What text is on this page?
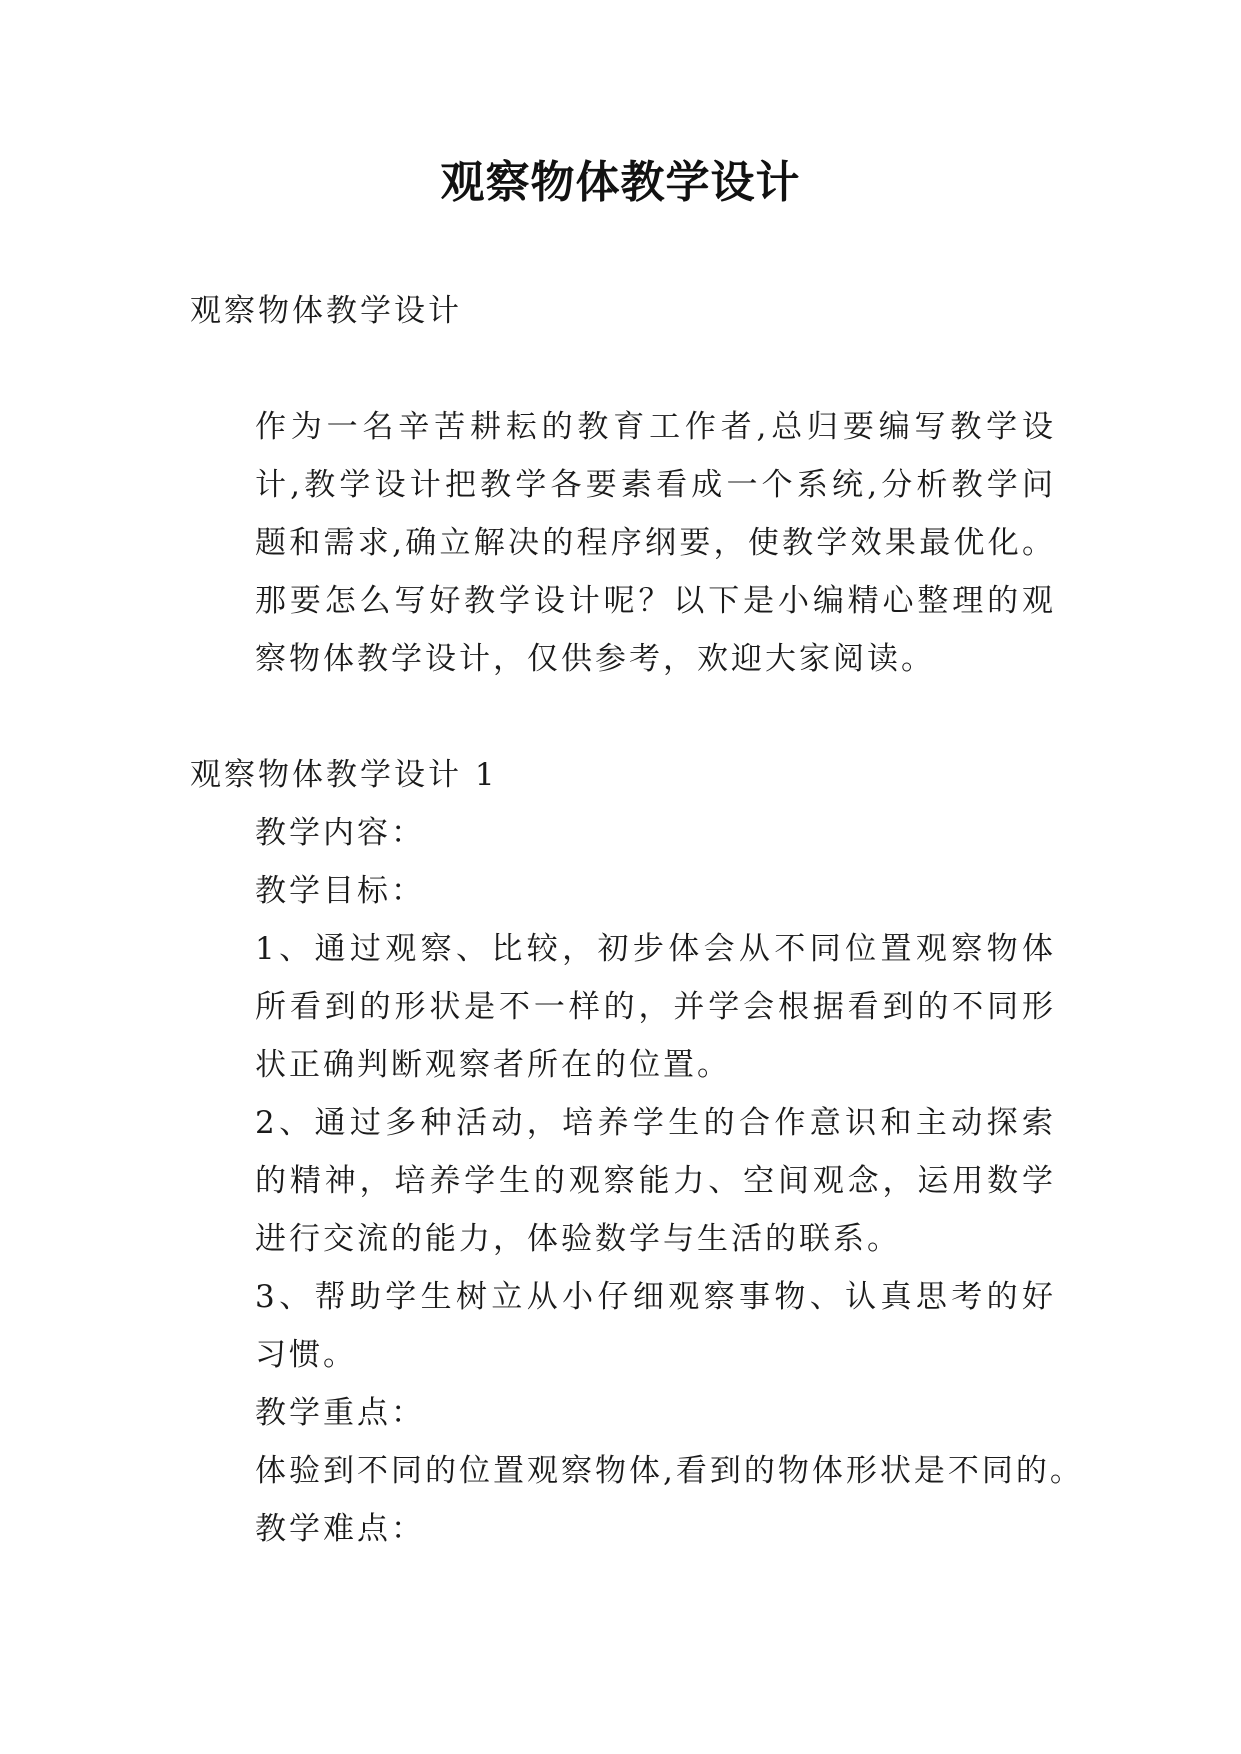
观察物体教学设计
观察物体教学设计
作为一名辛苦耕耘的教育工作者,总归要编写教学设计,教学设计把教学各要素看成一个系统,分析教学问题和需求,确立解决的程序纲要，使教学效果最优化。那要怎么写好教学设计呢？以下是小编精心整理的观察物体教学设计，仅供参考，欢迎大家阅读。
观察物体教学设计 1
教学内容：
教学目标：
1、通过观察、比较，初步体会从不同位置观察物体所看到的形状是不一样的，并学会根据看到的不同形状正确判断观察者所在的位置。
2、通过多种活动，培养学生的合作意识和主动探索的精神，培养学生的观察能力、空间观念，运用数学进行交流的能力，体验数学与生活的联系。
3、帮助学生树立从小仔细观察事物、认真思考的好习惯。
教学重点：
体验到不同的位置观察物体,看到的物体形状是不同的。
教学难点：
